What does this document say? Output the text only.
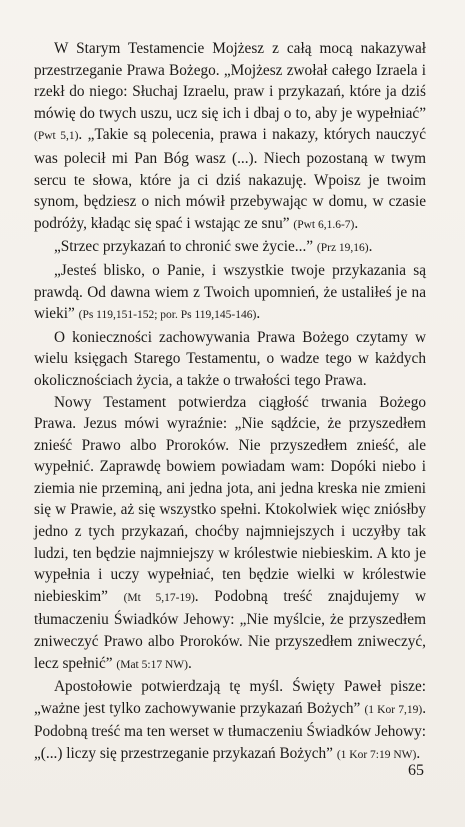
W Starym Testamencie Mojżesz z całą mocą nakazywał przestrzeganie Prawa Bożego. „Mojżesz zwołał całego Izraela i rzekł do niego: Słuchaj Izraelu, praw i przykazań, które ja dziś mówię do twych uszu, ucz się ich i dbaj o to, aby je wypełniać” (Pwt 5,1). „Takie są polecenia, prawa i nakazy, których nauczyć was polecił mi Pan Bóg wasz (...). Niech pozostaną w twym sercu te słowa, które ja ci dziś nakazuję. Wpoisz je twoim synom, będziesz o nich mówił przebywając w domu, w czasie podróży, kładąc się spać i wstając ze snu” (Pwt 6,1.6-7).

„Strzec przykazań to chronić swe życie...” (Prz 19,16).

„Jesteś blisko, o Panie, i wszystkie twoje przykazania są prawdą. Od dawna wiem z Twoich upomnień, że ustaliłeś je na wieki” (Ps 119,151-152; por. Ps 119,145-146).

O konieczności zachowywania Prawa Bożego czytamy w wielu księgach Starego Testamentu, o wadze tego w każdych okolicznościach życia, a także o trwałości tego Prawa.

Nowy Testament potwierdza ciągłość trwania Bożego Prawa. Jezus mówi wyraźnie: „Nie sądźcie, że przyszedłem znieść Prawo albo Proroków. Nie przyszedłem znieść, ale wypełnić. Zaprawdę bowiem powiadam wam: Dopóki niebo i ziemia nie przeminą, ani jedna jota, ani jedna kreska nie zmieni się w Prawie, aż się wszystko spełni. Ktokolwiek więc zniósłby jedno z tych przykazań, choćby najmniejszych i uczyłby tak ludzi, ten będzie najmniejszy w królestwie niebieskim. A kto je wypełnia i uczy wypełniać, ten będzie wielki w królestwie niebieskim” (Mt 5,17-19). Podobną treść znajdujemy w tłumaczeniu Świadków Jehowy: „Nie myślcie, że przyszedłem zniweczyć Prawo albo Proroków. Nie przyszedłem zniweczyć, lecz spełnić” (Mat 5:17 NW).

Apostołowie potwierdzają tę myśl. Święty Paweł pisze: „ważne jest tylko zachowywanie przykazań Bożych” (1 Kor 7,19). Podobną treść ma ten werset w tłumaczeniu Świadków Jehowy: „(...) liczy się przestrzeganie przykazań Bożych” (1 Kor 7:19 NW).

65
